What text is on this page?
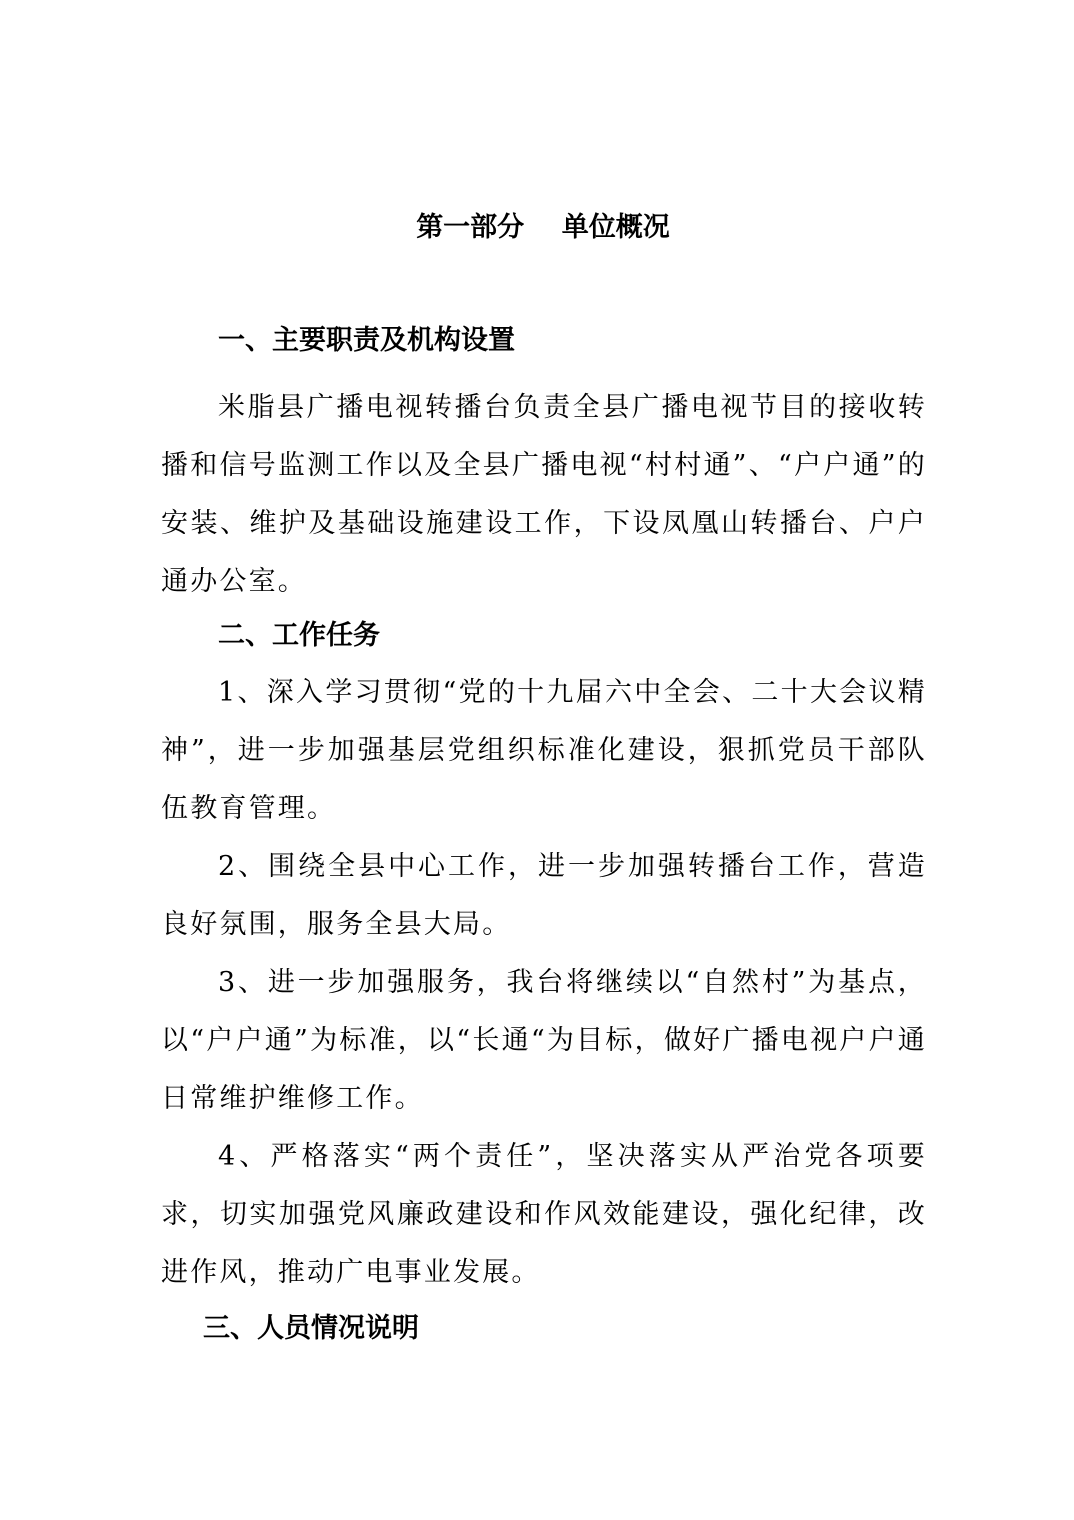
第一部分    单位概况
一、主要职责及机构设置

米脂县广播电视转播台负责全县广播电视节目的接收转播和信号监测工作以及全县广播电视“村村通”、“户户通”的安装、维护及基础设施建设工作，下设凤凰山转播台、户户通办公室。

二、工作任务

1、深入学习贯彻“党的十九届六中全会、二十大会议精神”，进一步加强基层党组织标准化建设，狠抓党员干部队伍教育管理。

2、围绕全县中心工作，进一步加强转播台工作，营造良好氛围，服务全县大局。

3、进一步加强服务，我台将继续以“自然村”为基点，以“户户通”为标准，以“长通“为目标，做好广播电视户户通日常维护维修工作。

4、严格落实“两个责任”，坚决落实从严治党各项要求，切实加强党风廉政建设和作风效能建设，强化纪律，改进作风，推动广电事业发展。

三、人员情况说明
